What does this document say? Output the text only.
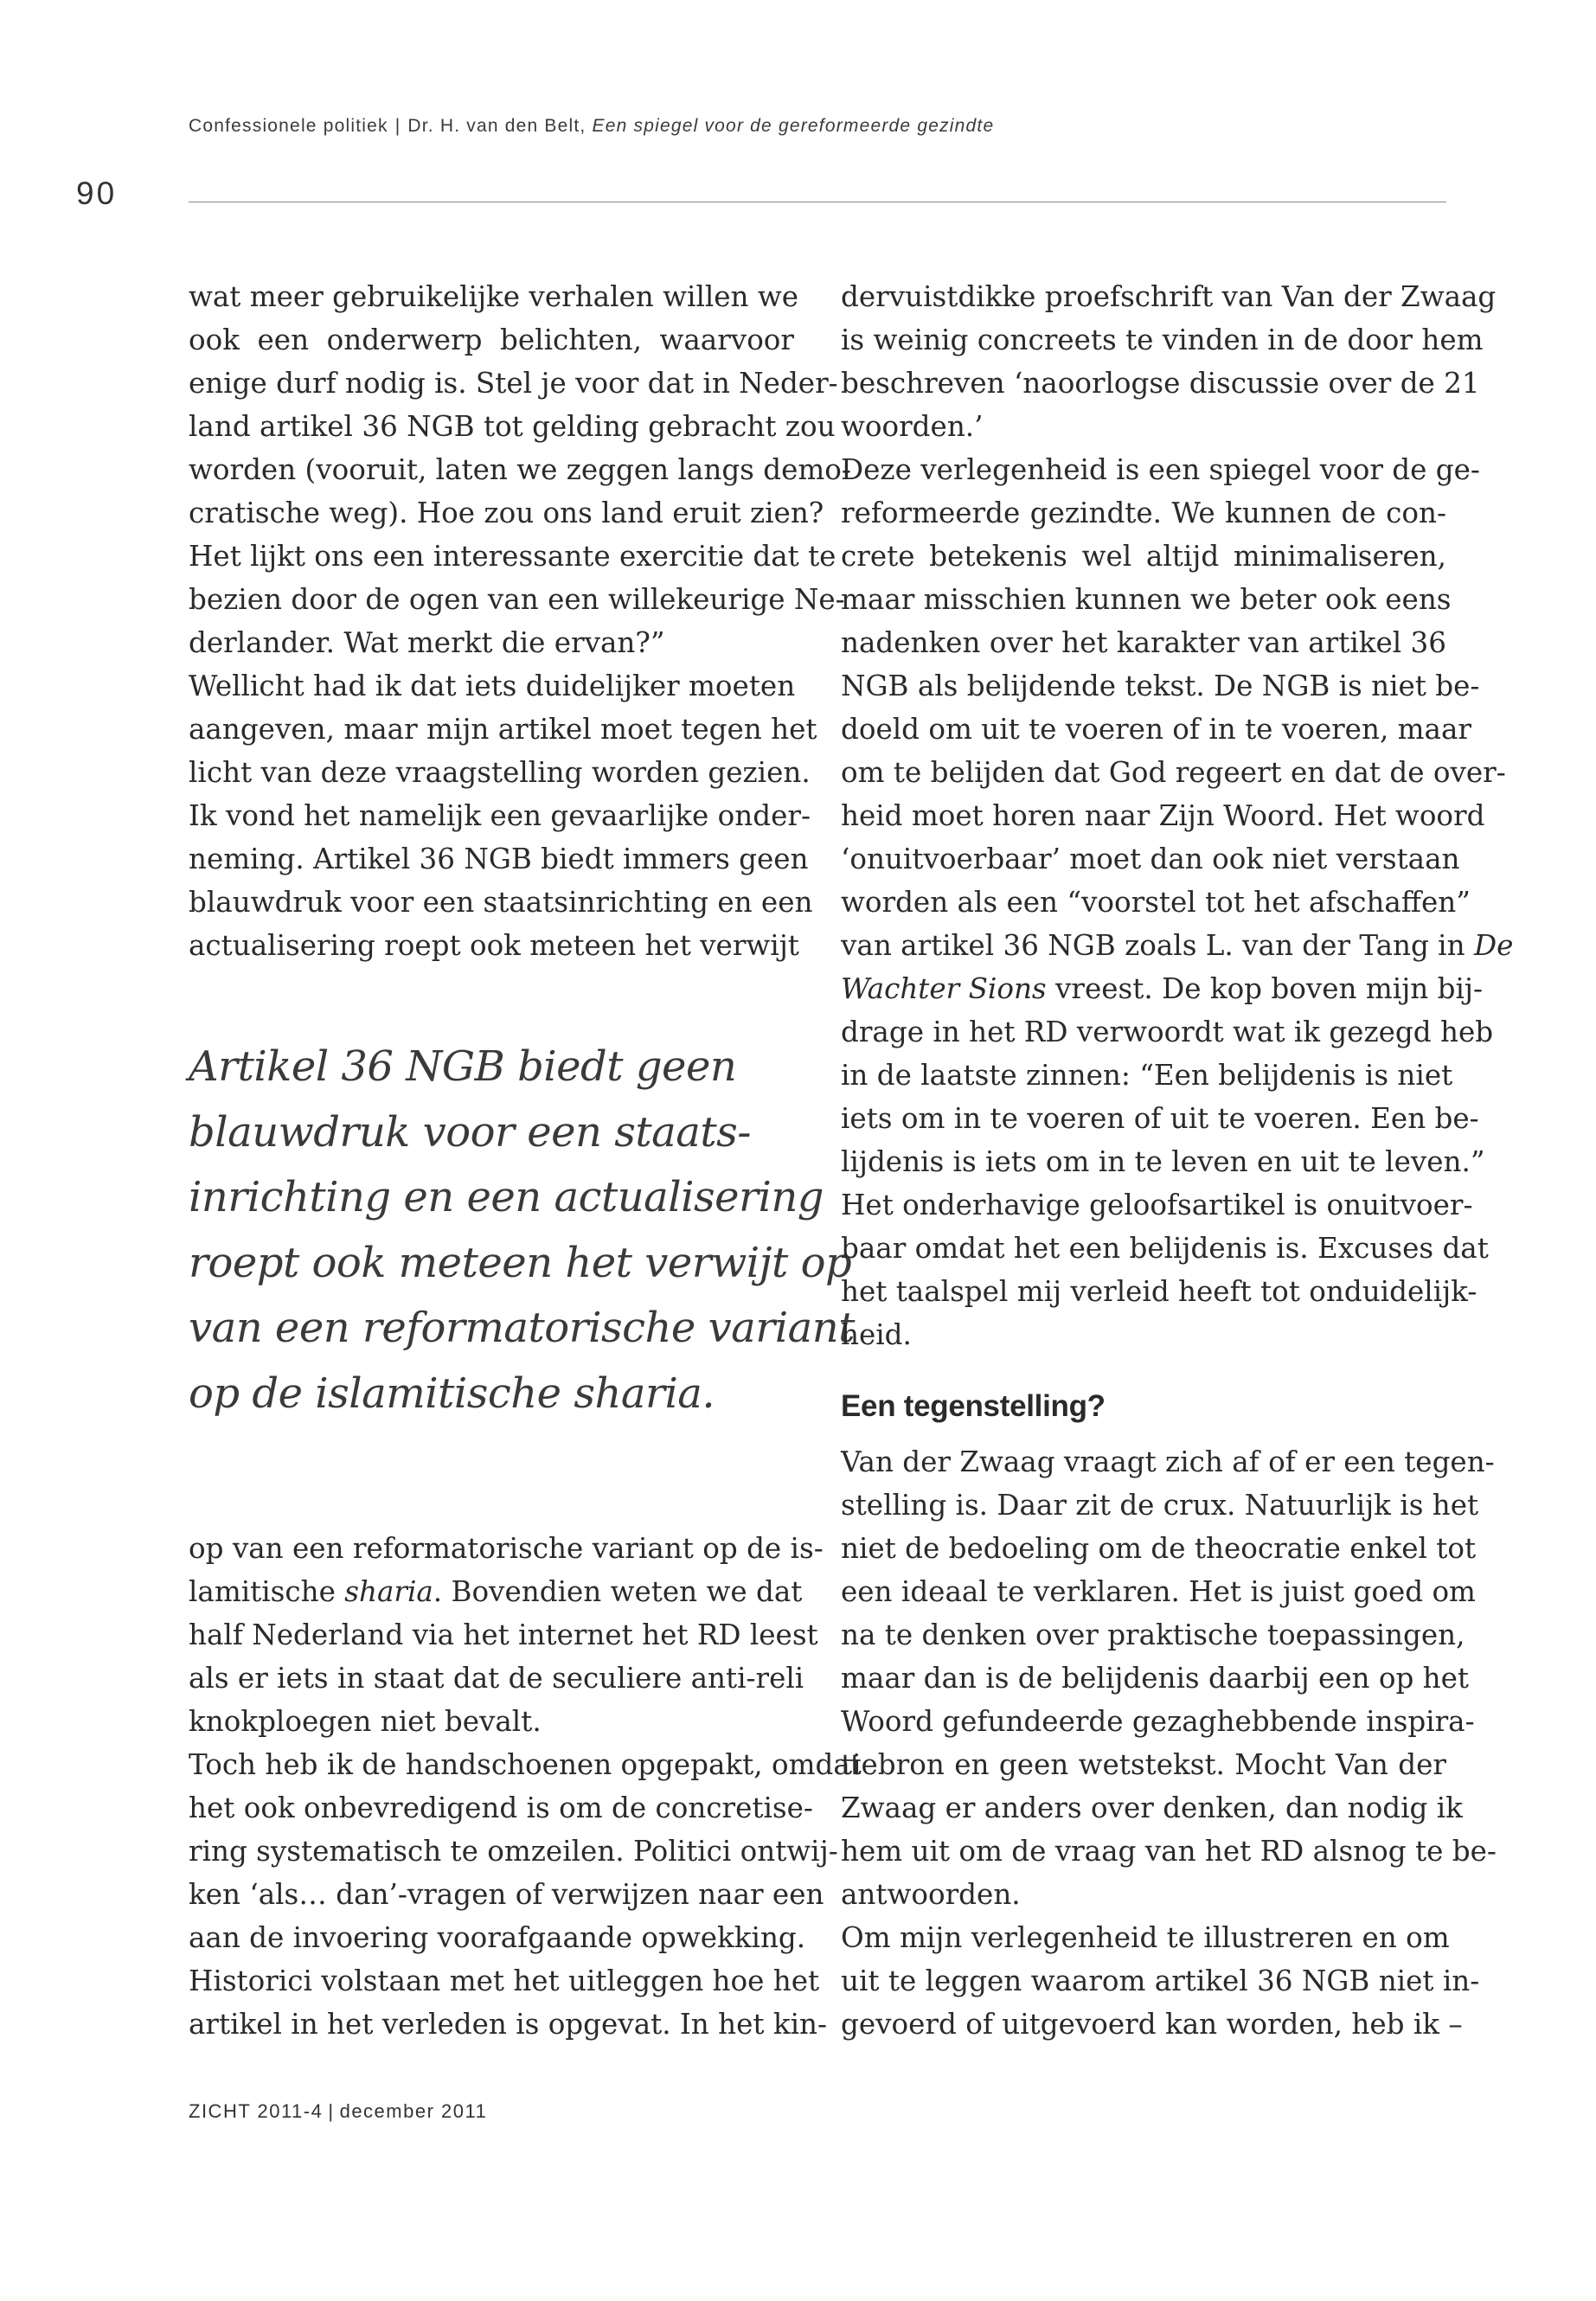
Confessionele politiek | Dr. H. van den Belt, Een spiegel voor de gereformeerde gezindte
90
wat meer gebruikelijke verhalen willen we
ook een onderwerp belichten, waarvoor
enige durf nodig is. Stel je voor dat in Neder-
land artikel 36 NGB tot gelding gebracht zou
worden (vooruit, laten we zeggen langs demo-
cratische weg). Hoe zou ons land eruit zien?
Het lijkt ons een interessante exercitie dat te
bezien door de ogen van een willekeurige Ne-
derlander. Wat merkt die ervan?”
Wellicht had ik dat iets duidelijker moeten
aangeven, maar mijn artikel moet tegen het
licht van deze vraagstelling worden gezien.
Ik vond het namelijk een gevaarlijke onder-
neming. Artikel 36 NGB biedt immers geen
blauwdruk voor een staatsinrichting en een
actualisering roept ook meteen het verwijt
Artikel 36 NGB biedt geen
blauwdruk voor een staats-
inrichting en een actualisering
roept ook meteen het verwijt op
van een reformatorische variant
op de islamitische sharia.
op van een reformatorische variant op de is-
lamitische sharia. Bovendien weten we dat
half Nederland via het internet het RD leest
als er iets in staat dat de seculiere anti-reli
knokploegen niet bevalt.
Toch heb ik de handschoenen opgepakt, omdat
het ook onbevredigend is om de concretise-
ring systematisch te omzeilen. Politici ontwij-
ken ‘als… dan’-vragen of verwijzen naar een
aan de invoering voorafgaande opwekking.
Historici volstaan met het uitleggen hoe het
artikel in het verleden is opgevat. In het kin-
dervuistdikke proefschrift van Van der Zwaag
is weinig concreets te vinden in de door hem
beschreven ‘naoorlogse discussie over de 21
woorden.’
Deze verlegenheid is een spiegel voor de ge-
reformeerde gezindte. We kunnen de con-
crete betekenis wel altijd minimaliseren,
maar misschien kunnen we beter ook eens
nadenken over het karakter van artikel 36
NGB als belijdende tekst. De NGB is niet be-
doeld om uit te voeren of in te voeren, maar
om te belijden dat God regeert en dat de over-
heid moet horen naar Zijn Woord. Het woord
‘onuitvoerbaar’ moet dan ook niet verstaan
worden als een “voorstel tot het afschaffen”
van artikel 36 NGB zoals L. van der Tang in De
Wachter Sions vreest. De kop boven mijn bij-
drage in het RD verwoordt wat ik gezegd heb
in de laatste zinnen: “Een belijdenis is niet
iets om in te voeren of uit te voeren. Een be-
lijdenis is iets om in te leven en uit te leven.”
Het onderhavige geloofsartikel is onuitvoer-
baar omdat het een belijdenis is. Excuses dat
het taalspel mij verleid heeft tot onduidelijk-
heid.
Een tegenstelling?
Van der Zwaag vraagt zich af of er een tegen-
stelling is. Daar zit de crux. Natuurlijk is het
niet de bedoeling om de theocratie enkel tot
een ideaal te verklaren. Het is juist goed om
na te denken over praktische toepassingen,
maar dan is de belijdenis daarbij een op het
Woord gefundeerde gezaghebbende inspira-
tiebron en geen wetstekst. Mocht Van der
Zwaag er anders over denken, dan nodig ik
hem uit om de vraag van het RD alsnog te be-
antwoorden.
Om mijn verlegenheid te illustreren en om
uit te leggen waarom artikel 36 NGB niet in-
gevoerd of uitgevoerd kan worden, heb ik –
ZICHT 2011-4 | december 2011
